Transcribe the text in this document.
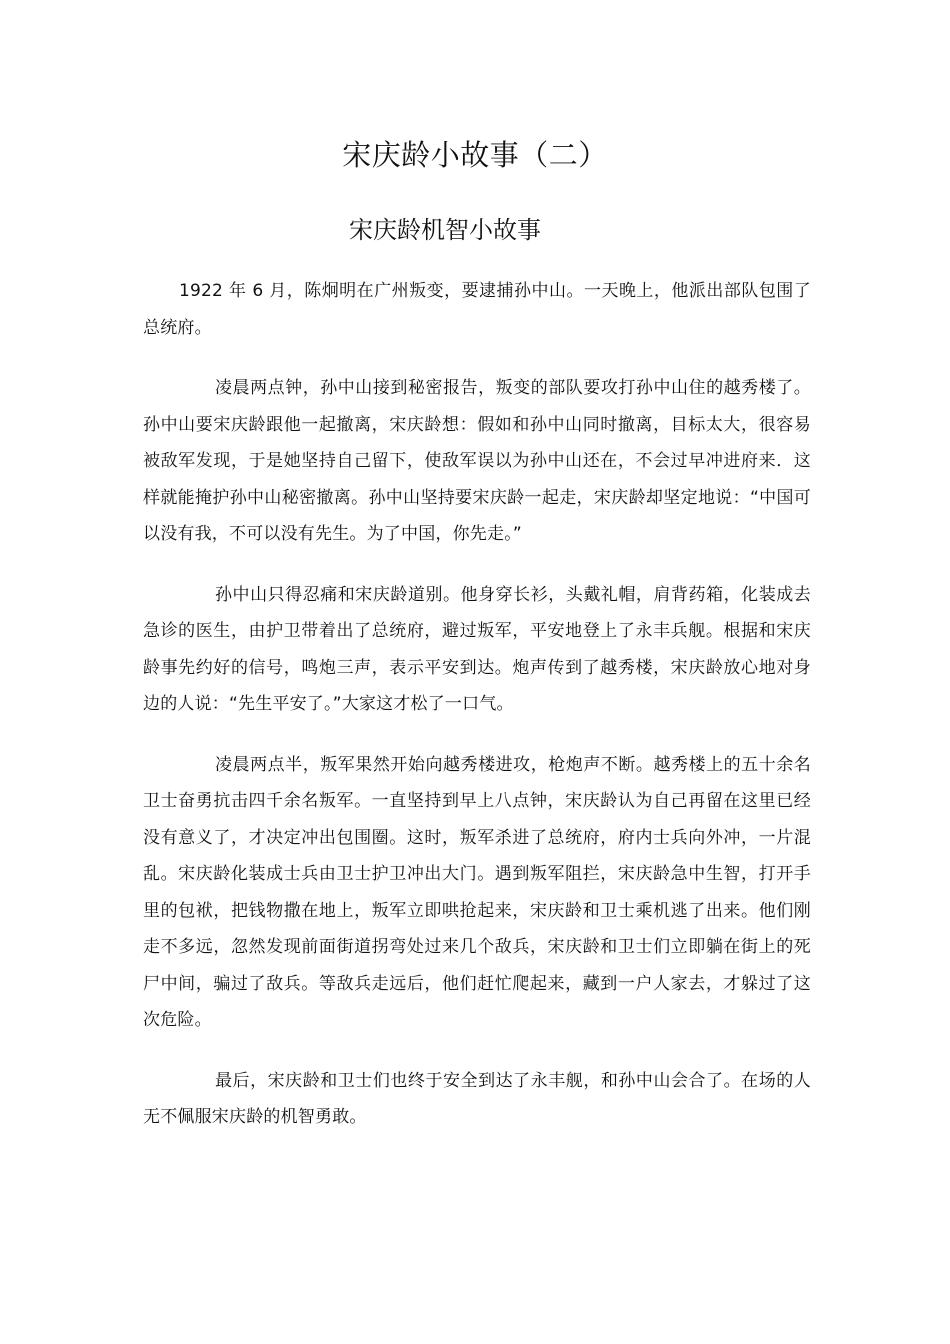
宋庆龄小故事（二）
宋庆龄机智小故事

1922 年 6 月，陈炯明在广州叛变，要逮捕孙中山。一天晚上，他派出部队包围了总统府。

凌晨两点钟，孙中山接到秘密报告，叛变的部队要攻打孙中山住的越秀楼了。孙中山要宋庆龄跟他一起撤离，宋庆龄想：假如和孙中山同时撤离，目标太大，很容易被敌军发现，于是她坚持自己留下，使敌军误以为孙中山还在，不会过早冲进府来．这样就能掩护孙中山秘密撤离。孙中山坚持要宋庆龄一起走，宋庆龄却坚定地说：“中国可以没有我，不可以没有先生。为了中国，你先走。”

孙中山只得忍痛和宋庆龄道别。他身穿长衫，头戴礼帽，肩背药箱，化装成去急诊的医生，由护卫带着出了总统府，避过叛军，平安地登上了永丰兵舰。根据和宋庆龄事先约好的信号，鸣炮三声，表示平安到达。炮声传到了越秀楼，宋庆龄放心地对身边的人说：“先生平安了。”大家这才松了一口气。

凌晨两点半，叛军果然开始向越秀楼进攻，枪炮声不断。越秀楼上的五十余名卫士奋勇抗击四千余名叛军。一直坚持到早上八点钟，宋庆龄认为自己再留在这里已经没有意义了，才决定冲出包围圈。这时，叛军杀进了总统府，府内士兵向外冲，一片混乱。宋庆龄化装成士兵由卫士护卫冲出大门。遇到叛军阻拦，宋庆龄急中生智，打开手里的包袱，把钱物撒在地上，叛军立即哄抢起来，宋庆龄和卫士乘机逃了出来。他们刚走不多远，忽然发现前面街道拐弯处过来几个敌兵，宋庆龄和卫士们立即躺在街上的死尸中间，骗过了敌兵。等敌兵走远后，他们赶忙爬起来，藏到一户人家去，才躲过了这次危险。

最后，宋庆龄和卫士们也终于安全到达了永丰舰，和孙中山会合了。在场的人无不佩服宋庆龄的机智勇敢。
